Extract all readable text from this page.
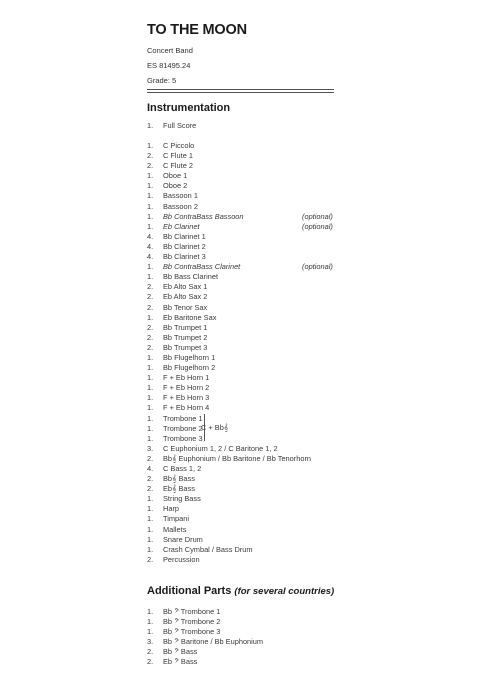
TO THE MOON
Concert Band
ES 81495.24
Grade: 5
Instrumentation
1.	Full Score
1.	C Piccolo
2.	C Flute 1
2.	C Flute 2
1.	Oboe 1
1.	Oboe 2
1.	Bassoon 1
1.	Bassoon 2
1.	Bb ContraBass Bassoon	(optional)
1.	Eb Clarinet	(optional)
4.	Bb Clarinet 1
4.	Bb Clarinet 2
4.	Bb Clarinet 3
1.	Bb ContraBass Clarinet	(optional)
1.	Bb Bass Clarinet
2.	Eb Alto Sax 1
2.	Eb Alto Sax 2
2.	Bb Tenor Sax
1.	Eb Baritone Sax
2.	Bb Trumpet 1
2.	Bb Trumpet 2
2.	Bb Trumpet 3
1.	Bb Flugelhorn 1
1.	Bb Flugelhorn 2
1.	F + Eb Horn 1
1.	F + Eb Horn 2
1.	F + Eb Horn 3
1.	F + Eb Horn 4
1.	Trombone 1
1.	Trombone 2
1.	Trombone 3
3.	C Euphonium 1, 2 / C Baritone 1, 2
2.	Bb𝄞 Euphonium / Bb Baritone / Bb Tenorhorn
4.	C Bass 1, 2
2.	Bb𝄞 Bass
2.	Eb𝄞 Bass
1.	String Bass
1.	Harp
1.	Timpani
1.	Mallets
1.	Snare Drum
1.	Crash Cymbal / Bass Drum
2.	Percussion
C + Bb𝄞
Additional Parts (for several countries)
1.	Bb 𝄢 Trombone 1
1.	Bb 𝄢 Trombone 2
1.	Bb 𝄢 Trombone 3
3.	Bb 𝄢 Baritone / Bb Euphonium
2.	Bb 𝄢 Bass
2.	Eb 𝄢 Bass
